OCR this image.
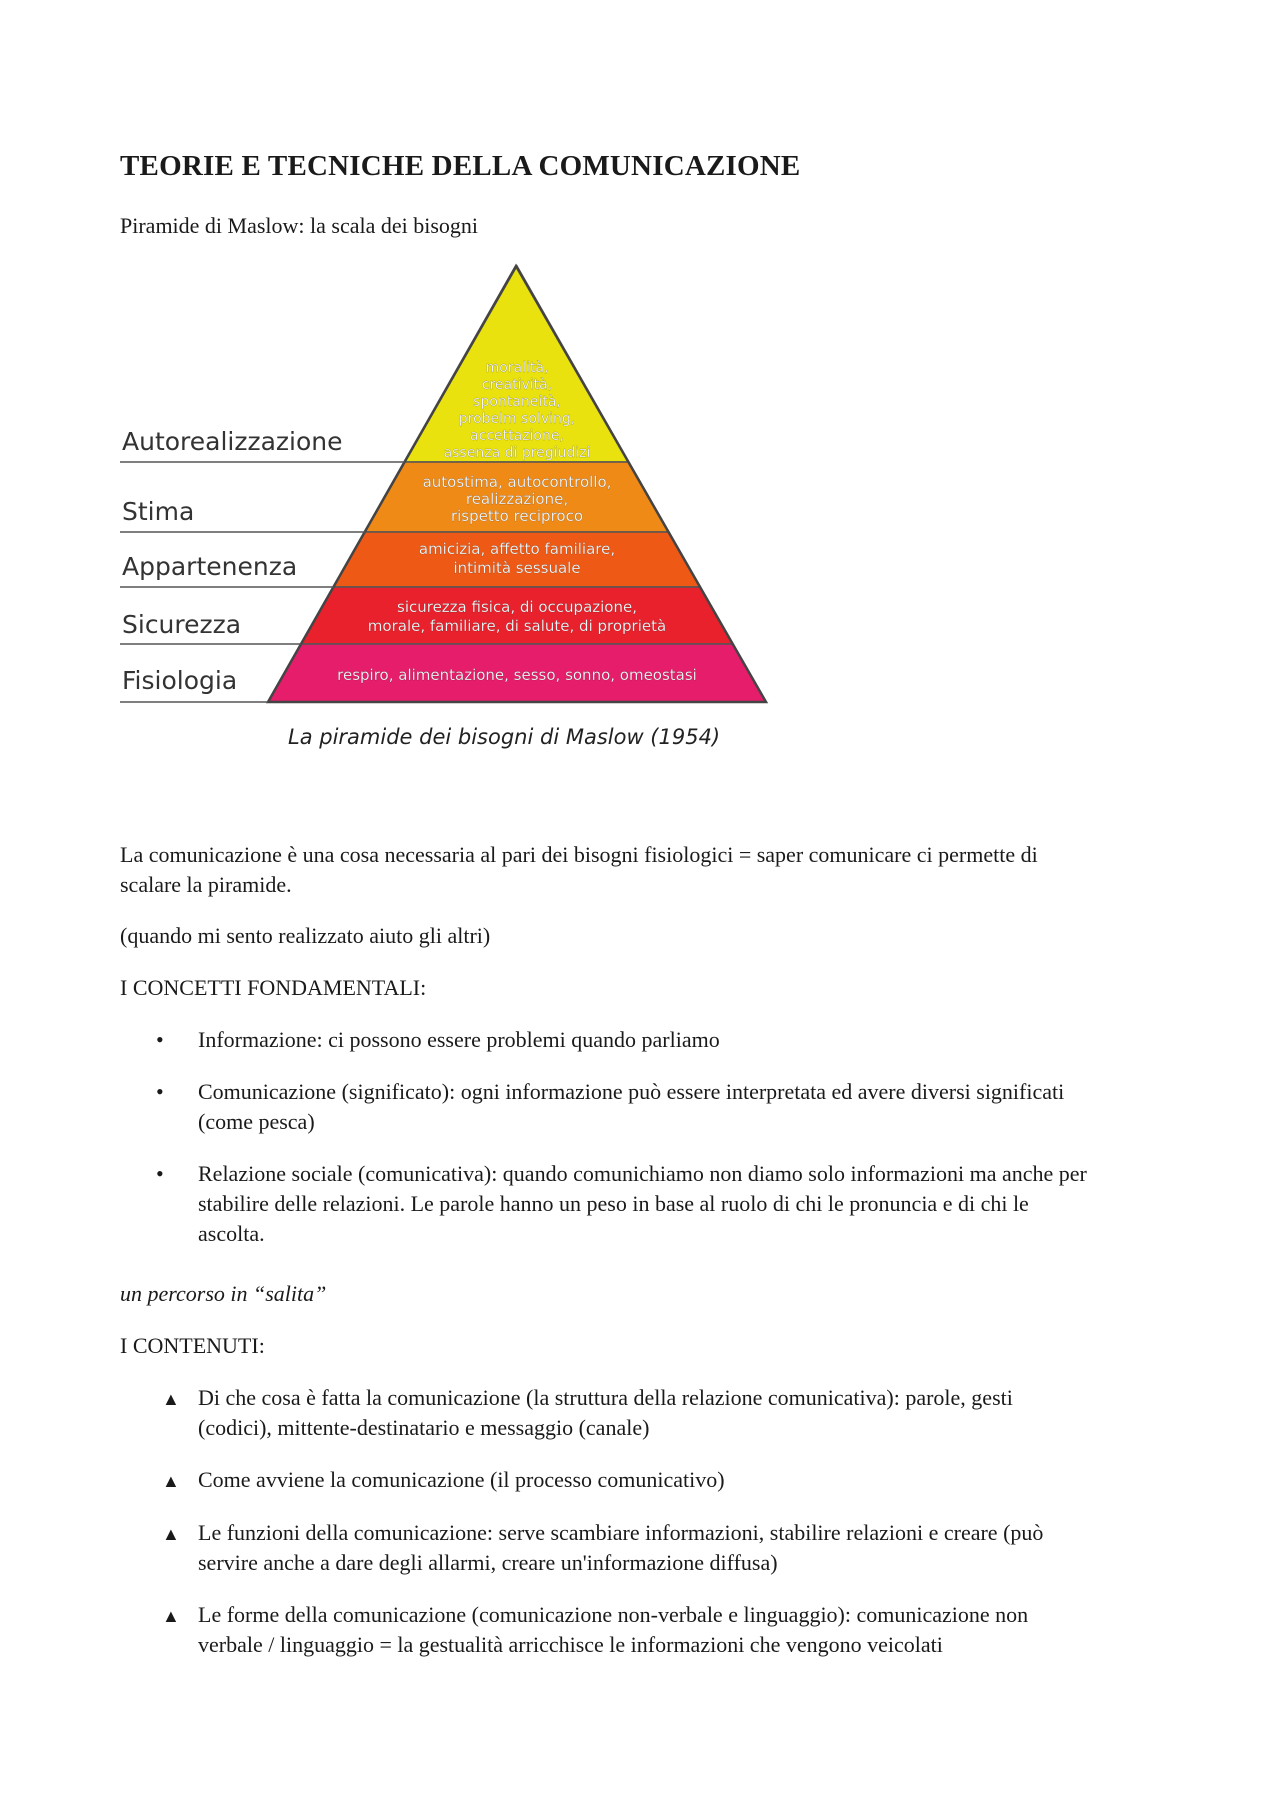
TEORIE E TECNICHE DELLA COMUNICAZIONE

Piramide di Maslow: la scala dei bisogni

Autorealizzazione
Stima
Appartenenza
Sicurezza
Fisiologia
moralità,
creatività,
spontaneità,
probelm solving,
accettazione,
assenza di pregiudizi
autostima, autocontrollo,
realizzazione,
rispetto reciproco
amicizia, affetto familiare,
intimità sessuale
sicurezza fisica, di occupazione,
morale, familiare, di salute, di proprietà
respiro, alimentazione, sesso, sonno, omeostasi
La piramide dei bisogni di Maslow (1954)

La comunicazione è una cosa necessaria al pari dei bisogni fisiologici = saper comunicare ci permette di

scalare la piramide.

(quando mi sento realizzato aiuto gli altri)

I CONCETTI FONDAMENTALI:

• Informazione: ci possono essere problemi quando parliamo
• Comunicazione (significato): ogni informazione può essere interpretata ed avere diversi significati
(come pesca)
• Relazione sociale (comunicativa): quando comunichiamo non diamo solo informazioni ma anche per
stabilire delle relazioni. Le parole hanno un peso in base al ruolo di chi le pronuncia e di chi le
ascolta.

un percorso in “salita”

I CONTENUTI:

▲ Di che cosa è fatta la comunicazione (la struttura della relazione comunicativa): parole, gesti
(codici), mittente-destinatario e messaggio (canale)
▲ Come avviene la comunicazione (il processo comunicativo)
▲ Le funzioni della comunicazione: serve scambiare informazioni, stabilire relazioni e creare (può
servire anche a dare degli allarmi, creare un'informazione diffusa)
▲ Le forme della comunicazione (comunicazione non-verbale e linguaggio): comunicazione non
verbale / linguaggio = la gestualità arricchisce le informazioni che vengono veicolati
